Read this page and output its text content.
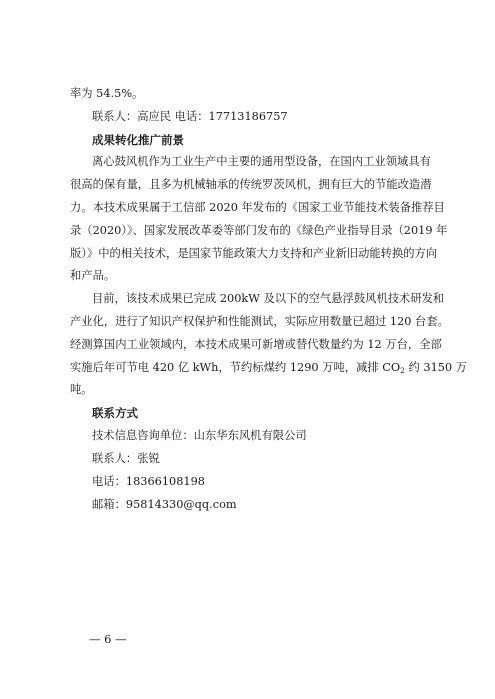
率为 54.5%。
联系人：高应民 电话：17713186757
成果转化推广前景
离心鼓风机作为工业生产中主要的通用型设备，在国内工业领域具有
很高的保有量，且多为机械轴承的传统罗茨风机，拥有巨大的节能改造潜
力。本技术成果属于工信部 2020 年发布的《国家工业节能技术装备推荐目
录（2020）》、国家发展改革委等部门发布的《绿色产业指导目录（2019 年
版）》中的相关技术，是国家节能政策大力支持和产业新旧动能转换的方向
和产品。
目前，该技术成果已完成 200kW 及以下的空气悬浮鼓风机技术研发和
产业化，进行了知识产权保护和性能测试，实际应用数量已超过 120 台套。
经测算国内工业领域内，本技术成果可新增或替代数量约为 12 万台，全部
实施后年可节电 420 亿 kWh，节约标煤约 1290 万吨，减排 $CO_2$ 约 3150 万
吨。
联系方式
技术信息咨询单位：山东华东风机有限公司
联系人：张锐
电话：18366108198
邮箱：95814330@qq.com
— 6 —
